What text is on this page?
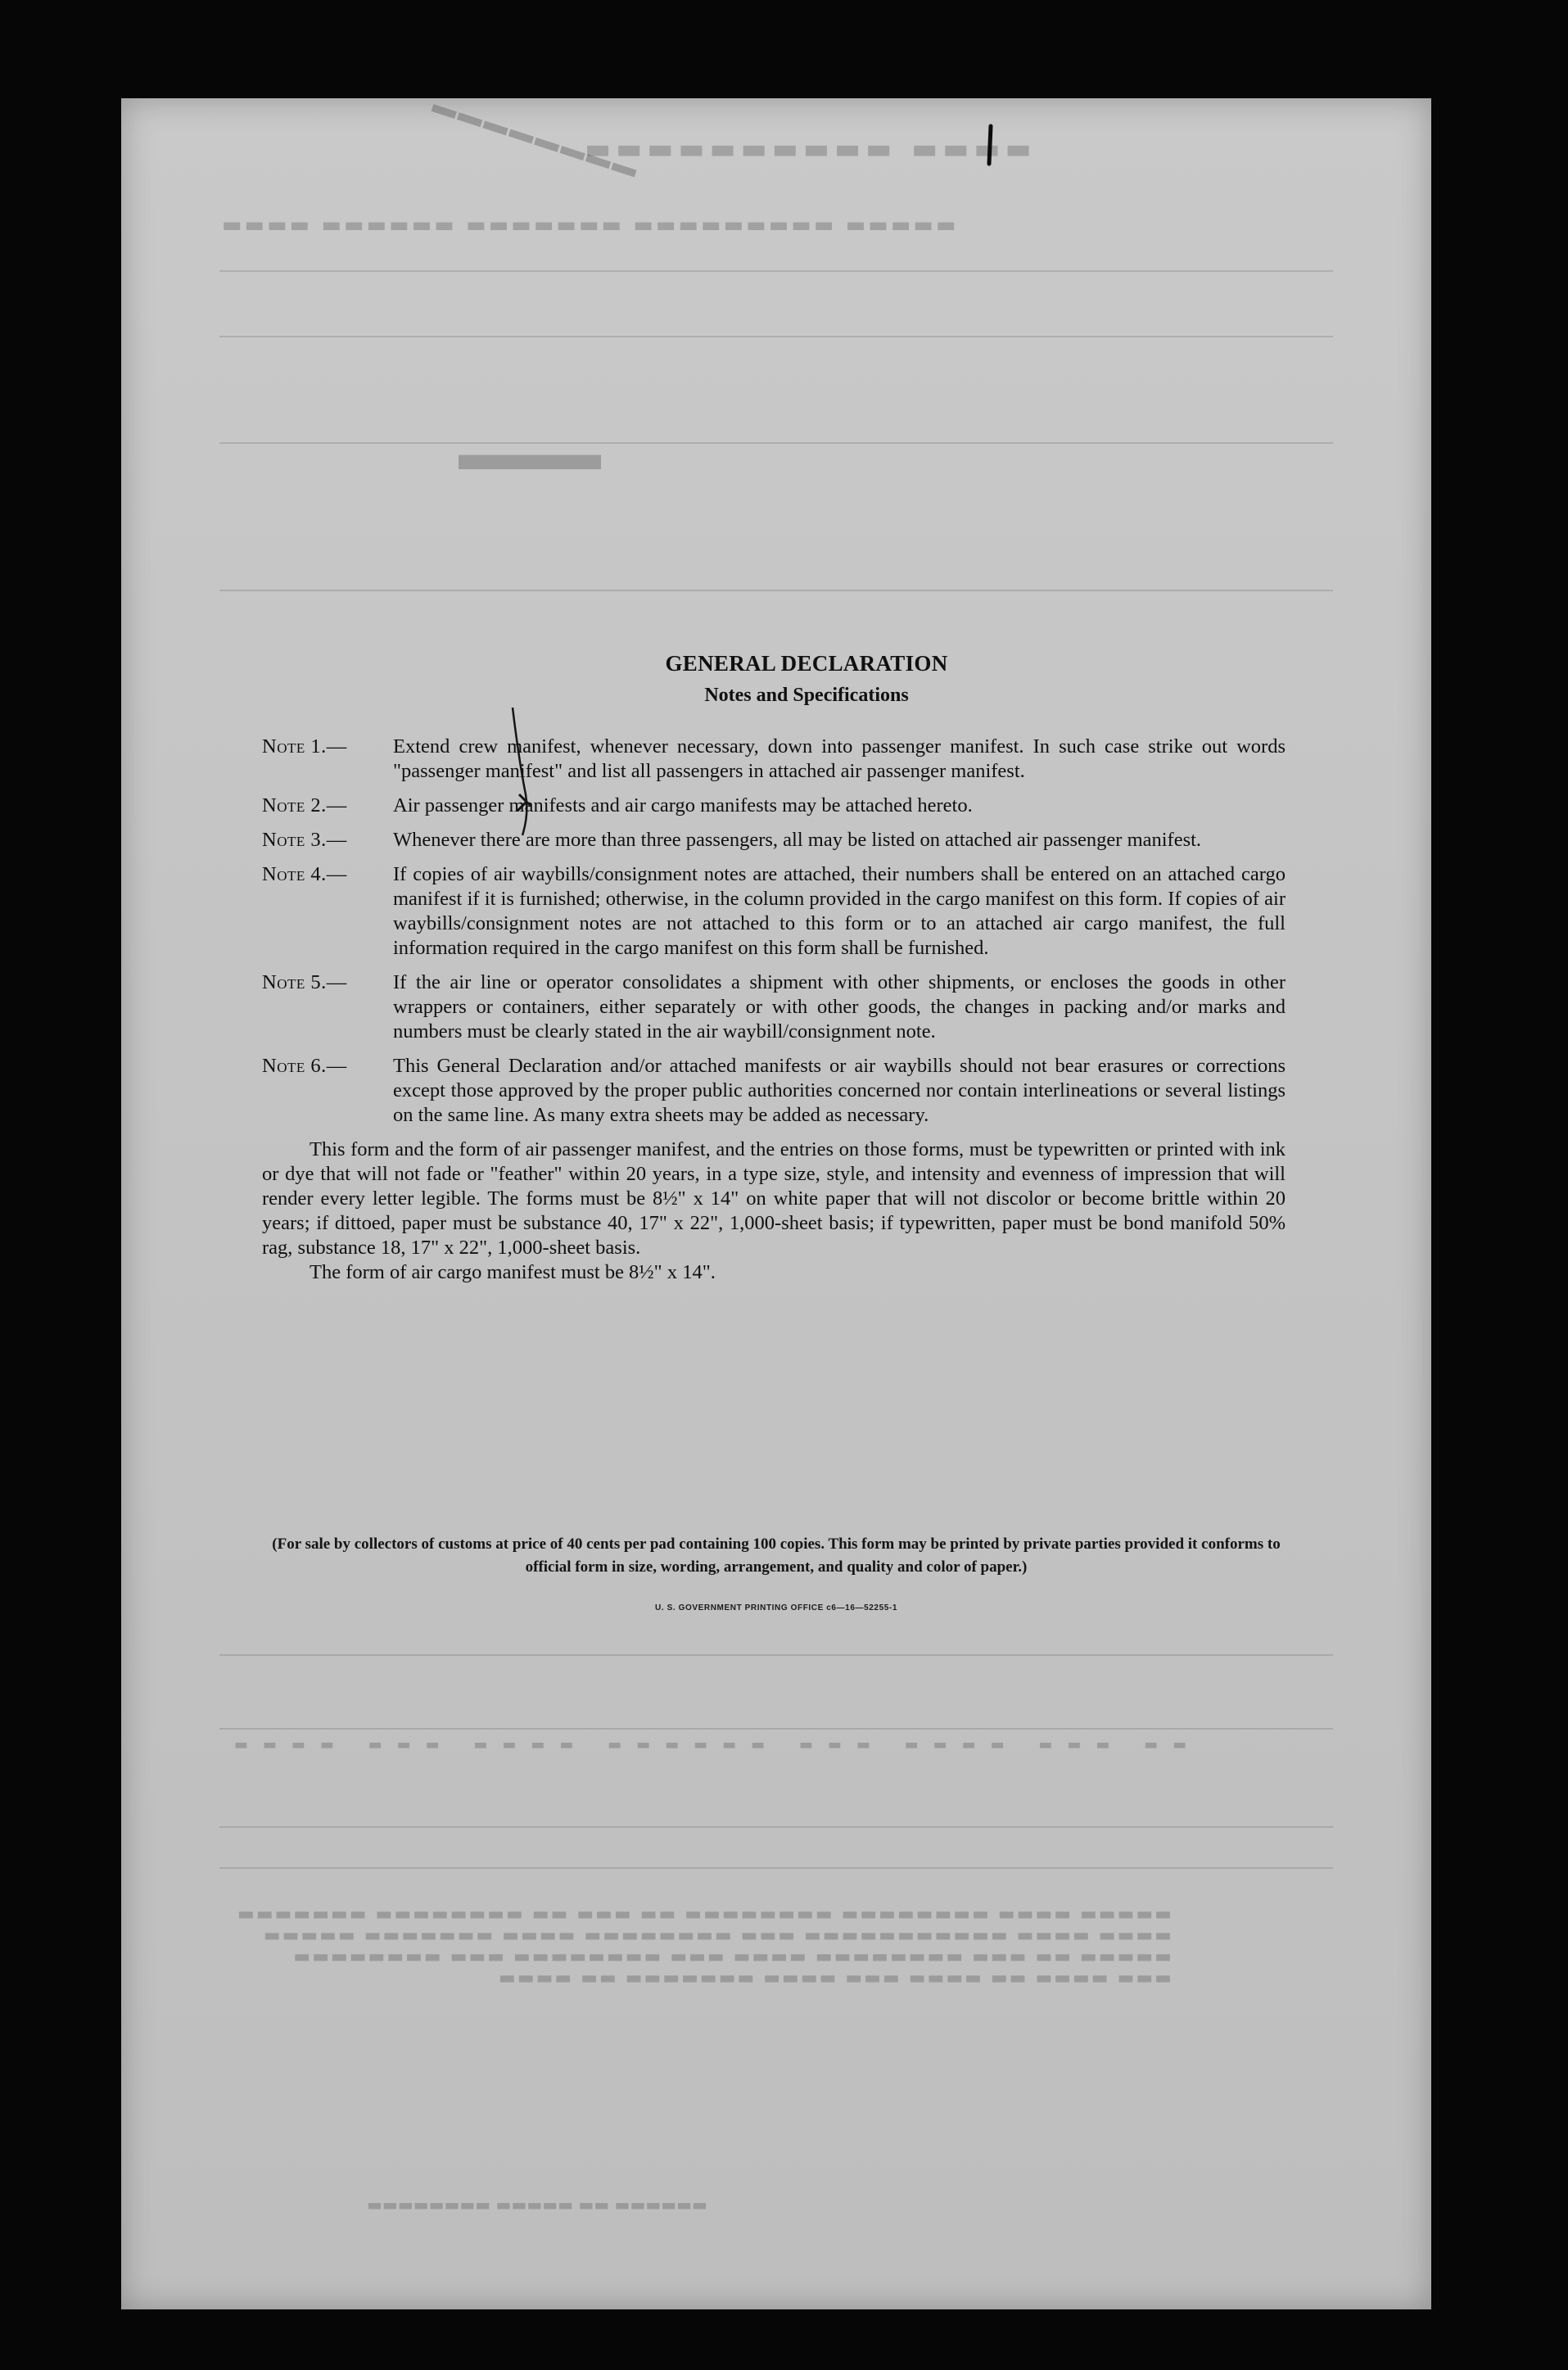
▬▬▬▬ ▬▬▬▬▬▬▬▬▬▬
▬▬▬▬▬ ▬▬▬▬▬▬▬▬▬ ▬▬▬▬▬▬▬ ▬▬▬▬▬▬ ▬▬▬▬
▬▬ ▬▬▬ ▬▬▬▬ ▬▬▬ ▬▬▬▬▬▬ ▬▬▬▬ ▬▬▬ ▬▬▬▬
▬▬▬▬▬ ▬▬▬▬ ▬▬▬▬▬▬▬▬ ▬▬▬▬▬▬▬▬ ▬▬ ▬▬▬ ▬▬ ▬▬▬▬▬▬▬▬ ▬▬▬▬▬▬▬
▬▬▬▬ ▬▬▬▬ ▬▬▬▬▬▬▬▬▬▬▬ ▬▬▬ ▬▬▬▬▬▬▬▬ ▬▬▬▬ ▬▬▬▬▬▬▬ ▬▬▬▬▬
▬▬▬▬▬ ▬▬ ▬▬▬ ▬▬▬▬▬▬▬▬ ▬▬▬▬ ▬▬▬ ▬▬▬▬▬▬▬▬ ▬▬▬ ▬▬▬▬▬▬▬▬
▬▬▬ ▬▬▬▬ ▬▬ ▬▬▬▬ ▬▬▬ ▬▬▬▬ ▬▬▬▬▬▬▬ ▬▬ ▬▬▬▬
▬▬▬▬▬▬ ▬▬ ▬▬▬▬▬ ▬▬▬▬▬▬▬▬
▬▬▬▬▬▬▬▬
▬▬▬
GENERAL DECLARATION
Notes and Specifications
Note 1.—	Extend crew manifest, whenever necessary, down into passenger manifest. In such case strike out words "passenger manifest" and list all passengers in attached air passenger manifest.
Note 2.—	Air passenger manifests and air cargo manifests may be attached hereto.
Note 3.—	Whenever there are more than three passengers, all may be listed on attached air passenger manifest.
Note 4.—	If copies of air waybills/consignment notes are attached, their numbers shall be entered on an attached cargo manifest if it is furnished; otherwise, in the column provided in the cargo manifest on this form. If copies of air waybills/consignment notes are not attached to this form or to an attached air cargo manifest, the full information required in the cargo manifest on this form shall be furnished.
Note 5.—	If the air line or operator consolidates a shipment with other shipments, or encloses the goods in other wrappers or containers, either separately or with other goods, the changes in packing and/or marks and numbers must be clearly stated in the air waybill/consignment note.
Note 6.—	This General Declaration and/or attached manifests or air waybills should not bear erasures or corrections except those approved by the proper public authorities concerned nor contain interlineations or several listings on the same line. As many extra sheets may be added as necessary.
This form and the form of air passenger manifest, and the entries on those forms, must be typewritten or printed with ink or dye that will not fade or "feather" within 20 years, in a type size, style, and intensity and evenness of impression that will render every letter legible. The forms must be 8½" x 14" on white paper that will not discolor or become brittle within 20 years; if dittoed, paper must be substance 40, 17" x 22", 1,000-sheet basis; if typewritten, paper must be bond manifold 50% rag, substance 18, 17" x 22", 1,000-sheet basis.
The form of air cargo manifest must be 8½" x 14".
(For sale by collectors of customs at price of 40 cents per pad containing 100 copies. This form may be printed by private parties provided it conforms to official form in size, wording, arrangement, and quality and color of paper.)
U. S. GOVERNMENT PRINTING OFFICE c6—16—52255-1
